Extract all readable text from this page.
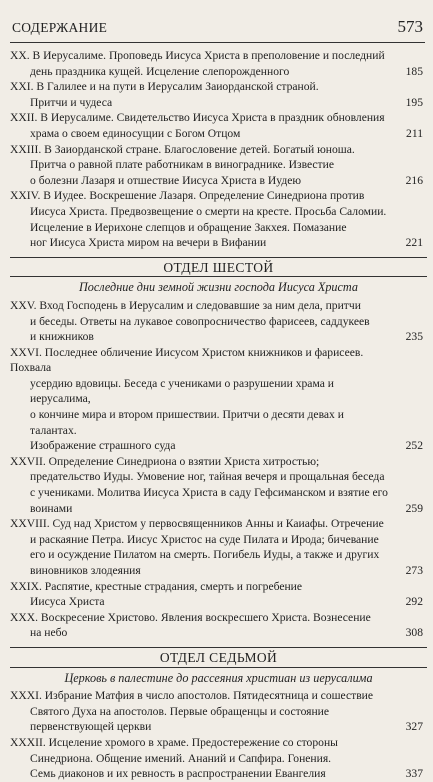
СОДЕРЖАНИЕ	573
XX. В Иерусалиме. Проповедь Иисуса Христа в преполовение и последний
день праздника кущей. Исцеление слепорожденного	185
XXI. В Галилее и на пути в Иерусалим Заиорданской страной.
Притчи и чудеса	195
XXII. В Иерусалиме. Свидетельство Иисуса Христа в праздник обновления
храма о своем единосущии с Богом Отцом	211
XXIII. В Заиорданской стране. Благословение детей. Богатый юноша.
Притча о равной плате работникам в винограднике. Известие
о болезни Лазаря и отшествие Иисуса Христа в Иудею	216
XXIV. В Иудее. Воскрешение Лазаря. Определение Синедриона против
Иисуса Христа. Предвозвещение о смерти на кресте. Просьба Саломии.
Исцеление в Иерихоне слепцов и обращение Закхея. Помазание
ног Иисуса Христа миром на вечери в Вифании	221
ОТДЕЛ ШЕСТОЙ
Последние дни земной жизни господа Иисуса Христа
XXV. Вход Господень в Иерусалим и следовавшие за ним дела, притчи
и беседы. Ответы на лукавое совопросничество фарисеев, саддукеев
и книжников	235
XXVI. Последнее обличение Иисусом Христом книжников и фарисеев. Похвала
усердию вдовицы. Беседа с учениками о разрушении храма и иерусалима,
о кончине мира и втором пришествии. Притчи о десяти девах и талантах.
Изображение страшного суда	252
XXVII. Определение Синедриона о взятии Христа хитростью;
предательство Иуды. Умовение ног, тайная вечеря и прощальная беседа
с учениками. Молитва Иисуса Христа в саду Гефсиманском и взятие его
воинами	259
XXVIII. Суд над Христом у первосвященников Анны и Каиафы. Отречение
и раскаяние Петра. Иисус Христос на суде Пилата и Ирода; бичевание
его и осуждение Пилатом на смерть. Погибель Иуды, а также и других
виновников злодеяния	273
XXIX. Распятие, крестные страдания, смерть и погребение
Иисуса Христа	292
XXX. Воскресение Христово. Явления воскресшего Христа. Вознесение
на небо	308
ОТДЕЛ СЕДЬМОЙ
Церковь в палестине до рассеяния христиан из иерусалима
XXXI. Избрание Матфия в число апостолов. Пятидесятница и сошествие
Святого Духа на апостолов. Первые обращенцы и состояние
первенствующей церкви	327
XXXII. Исцеление хромого в храме. Предостережение со стороны
Синедриона. Общение имений. Ананий и Сапфира. Гонения.
Семь диаконов и их ревность в распространении Евангелия	337
